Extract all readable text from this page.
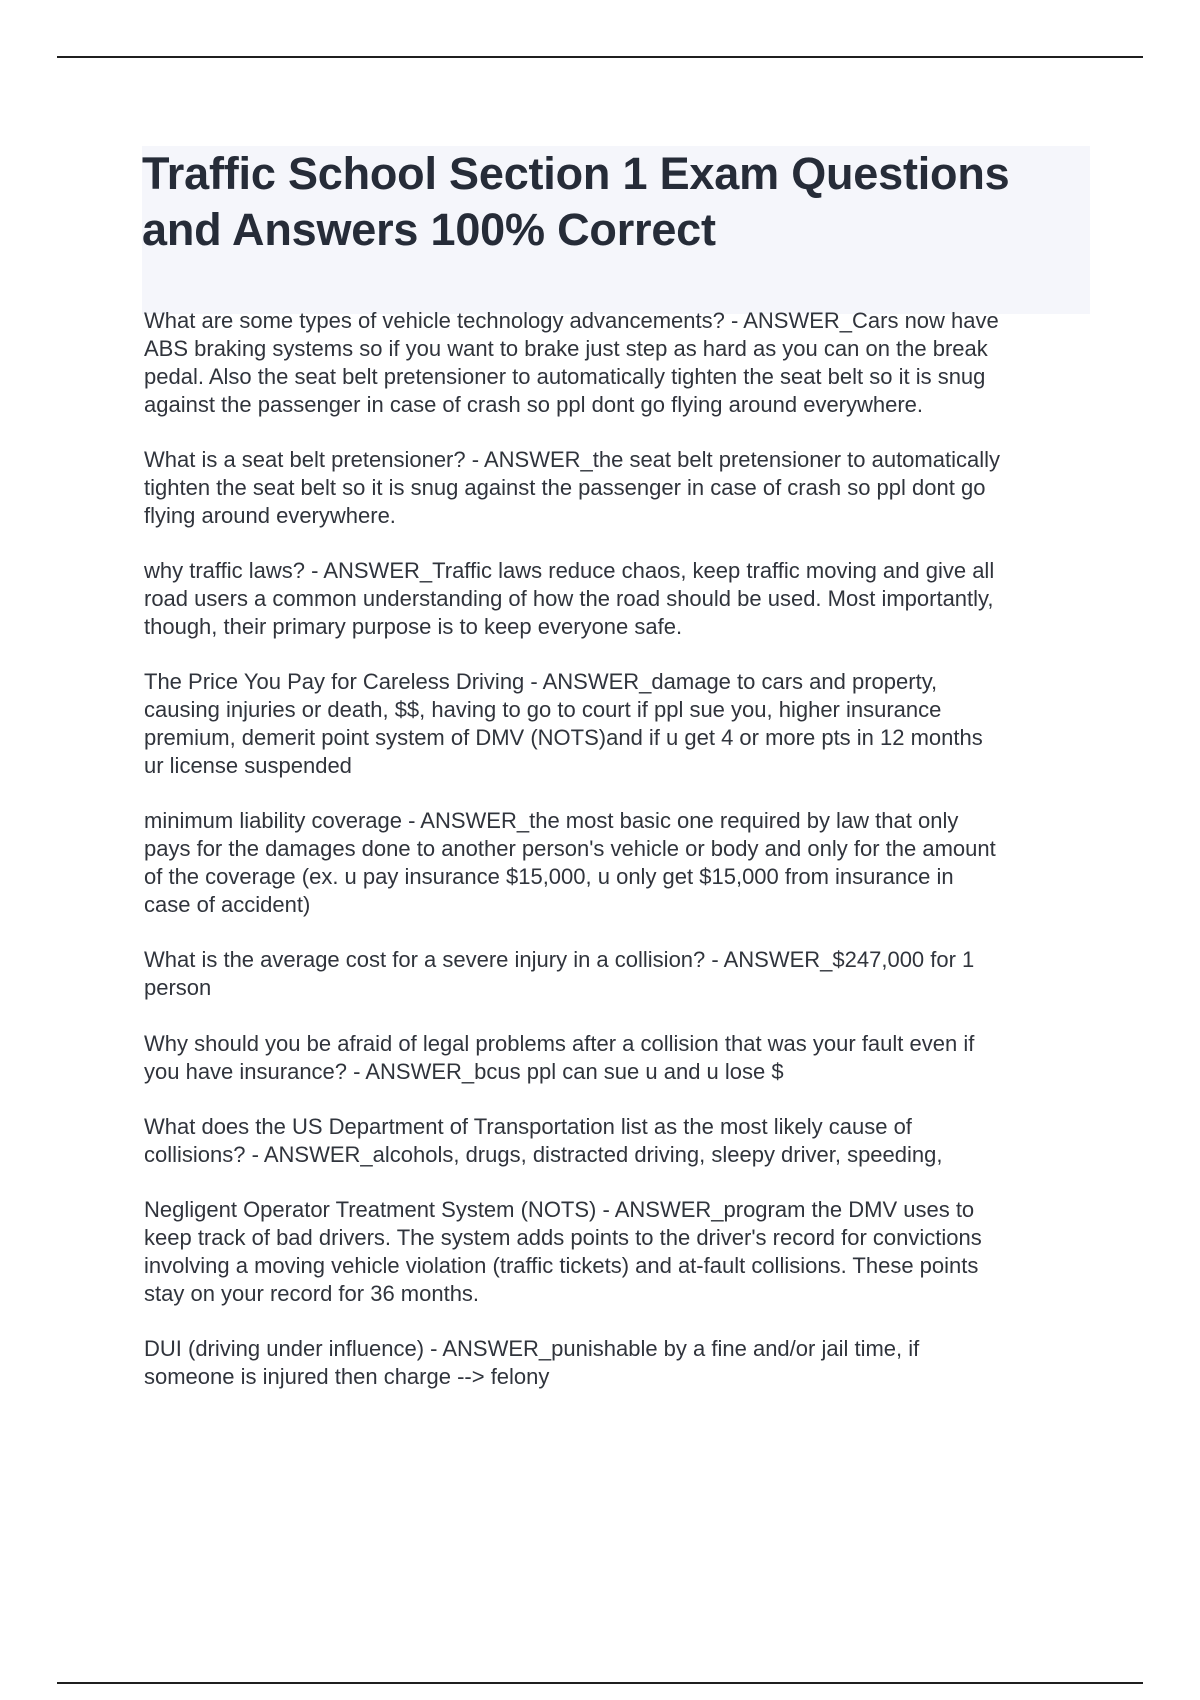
Traffic School Section 1 Exam Questions
and Answers 100% Correct

What are some types of vehicle technology advancements? - ANSWER_Cars now have
ABS braking systems so if you want to brake just step as hard as you can on the break
pedal. Also the seat belt pretensioner to automatically tighten the seat belt so it is snug
against the passenger in case of crash so ppl dont go flying around everywhere.

What is a seat belt pretensioner? - ANSWER_the seat belt pretensioner to automatically
tighten the seat belt so it is snug against the passenger in case of crash so ppl dont go
flying around everywhere.

why traffic laws? - ANSWER_Traffic laws reduce chaos, keep traffic moving and give all
road users a common understanding of how the road should be used. Most importantly,
though, their primary purpose is to keep everyone safe.

The Price You Pay for Careless Driving - ANSWER_damage to cars and property,
causing injuries or death, $$, having to go to court if ppl sue you, higher insurance
premium, demerit point system of DMV (NOTS)and if u get 4 or more pts in 12 months
ur license suspended

minimum liability coverage - ANSWER_the most basic one required by law that only
pays for the damages done to another person's vehicle or body and only for the amount
of the coverage (ex. u pay insurance $15,000, u only get $15,000 from insurance in
case of accident)

What is the average cost for a severe injury in a collision? - ANSWER_$247,000 for 1
person

Why should you be afraid of legal problems after a collision that was your fault even if
you have insurance? - ANSWER_bcus ppl can sue u and u lose $

What does the US Department of Transportation list as the most likely cause of
collisions? - ANSWER_alcohols, drugs, distracted driving, sleepy driver, speeding,

Negligent Operator Treatment System (NOTS) - ANSWER_program the DMV uses to
keep track of bad drivers. The system adds points to the driver's record for convictions
involving a moving vehicle violation (traffic tickets) and at-fault collisions. These points
stay on your record for 36 months.

DUI (driving under influence) - ANSWER_punishable by a fine and/or jail time, if
someone is injured then charge --> felony
